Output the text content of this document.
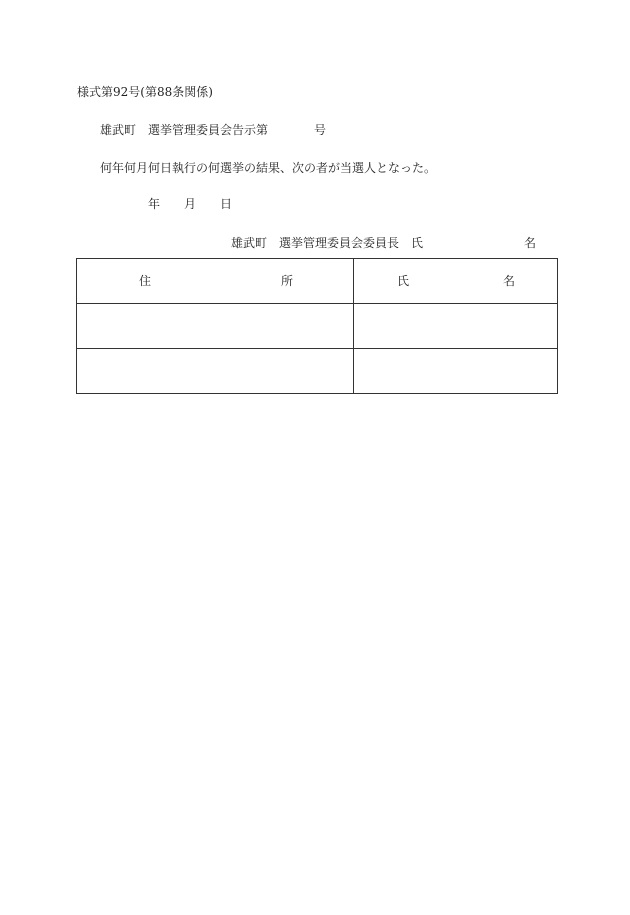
様式第92号(第88条関係)
雄武町　選挙管理委員会告示第	号
何年何月何日執行の何選挙の結果、次の者が当選人となった。
年 月 日
雄武町　選挙管理委員会委員長 氏	名
住 所	氏 名
